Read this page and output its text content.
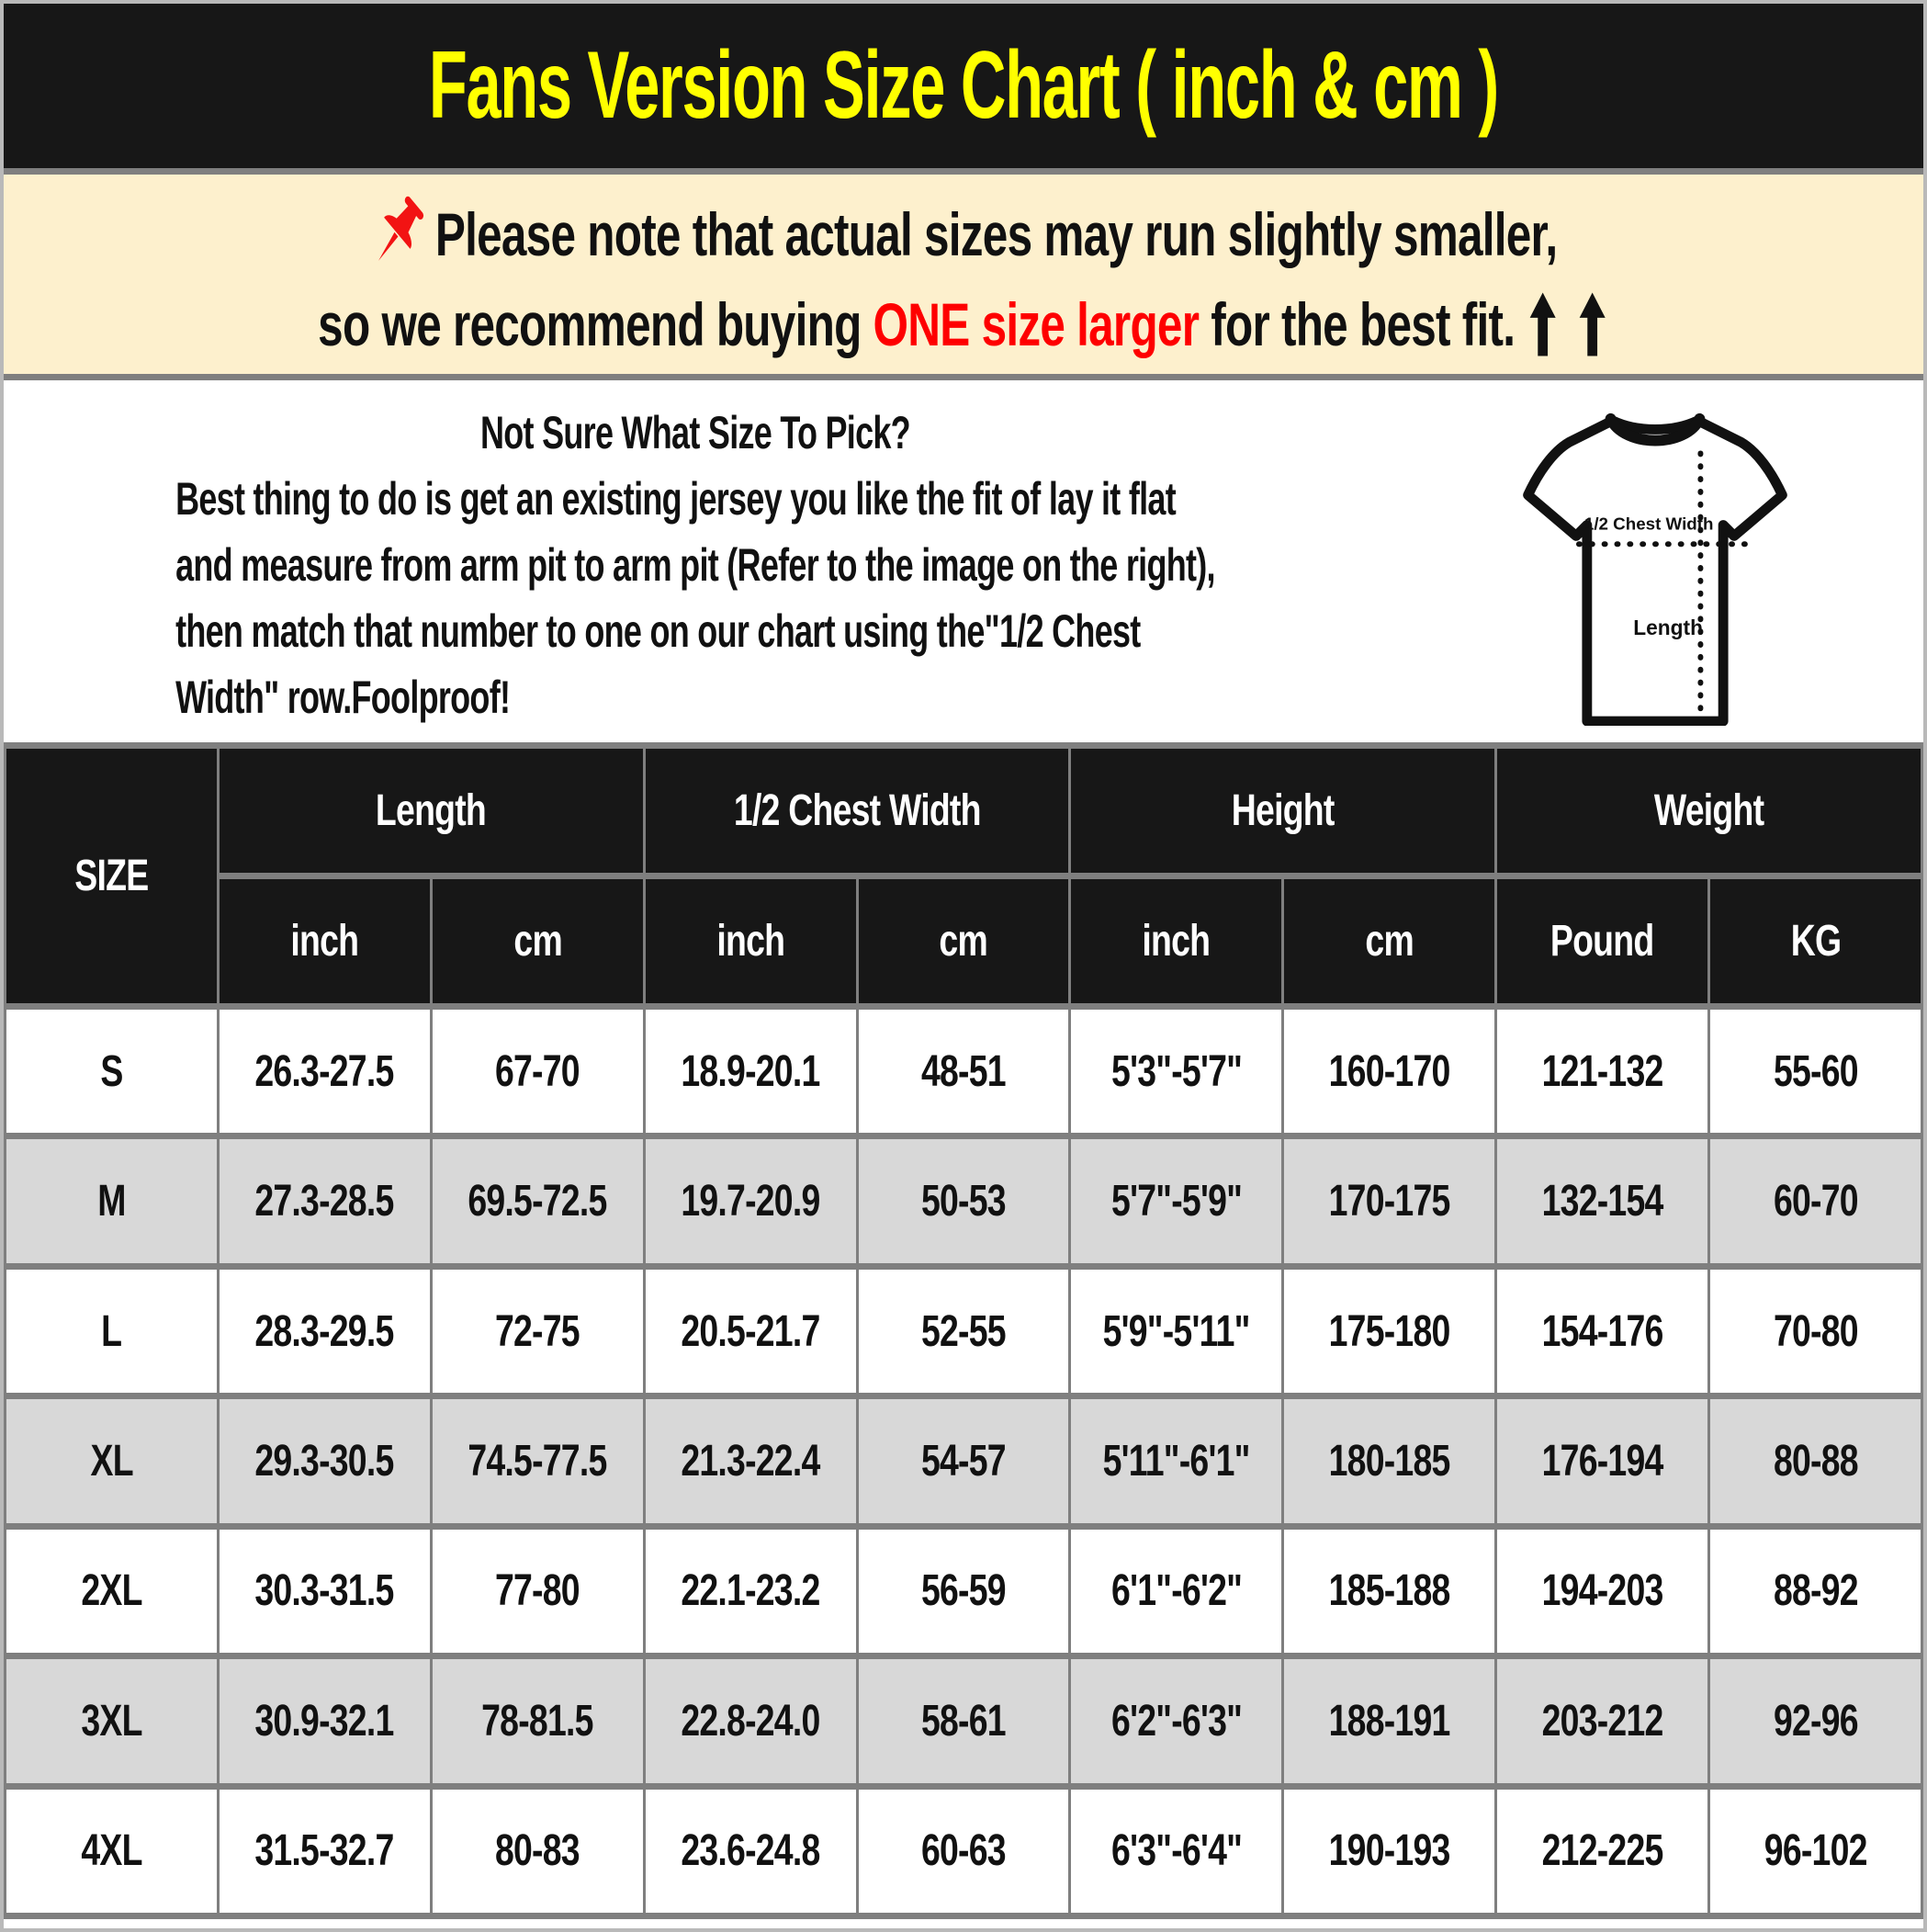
Fans Version Size Chart ( inch & cm )
Please note that actual sizes may run slightly smaller,
so we recommend buying ONE size larger for the best fit.
Not Sure What Size To Pick?
Best thing to do is get an existing jersey you like the fit of lay it flat
and measure from arm pit to arm pit (Refer to the image on the right),
then match that number to one on our chart using the"1/2 Chest
Width" row.Foolproof!
1/2 Chest Width
Length
SIZE	Length		1/2 Chest Width		Height		Weight	
	inch	cm	inch	cm	inch	cm	Pound	KG
S	26.3-27.5	67-70	18.9-20.1	48-51	5'3"-5'7"	160-170	121-132	55-60
M	27.3-28.5	69.5-72.5	19.7-20.9	50-53	5'7"-5'9"	170-175	132-154	60-70
L	28.3-29.5	72-75	20.5-21.7	52-55	5'9"-5'11"	175-180	154-176	70-80
XL	29.3-30.5	74.5-77.5	21.3-22.4	54-57	5'11"-6'1"	180-185	176-194	80-88
2XL	30.3-31.5	77-80	22.1-23.2	56-59	6'1"-6'2"	185-188	194-203	88-92
3XL	30.9-32.1	78-81.5	22.8-24.0	58-61	6'2"-6'3"	188-191	203-212	92-96
4XL	31.5-32.7	80-83	23.6-24.8	60-63	6'3"-6'4"	190-193	212-225	96-102
